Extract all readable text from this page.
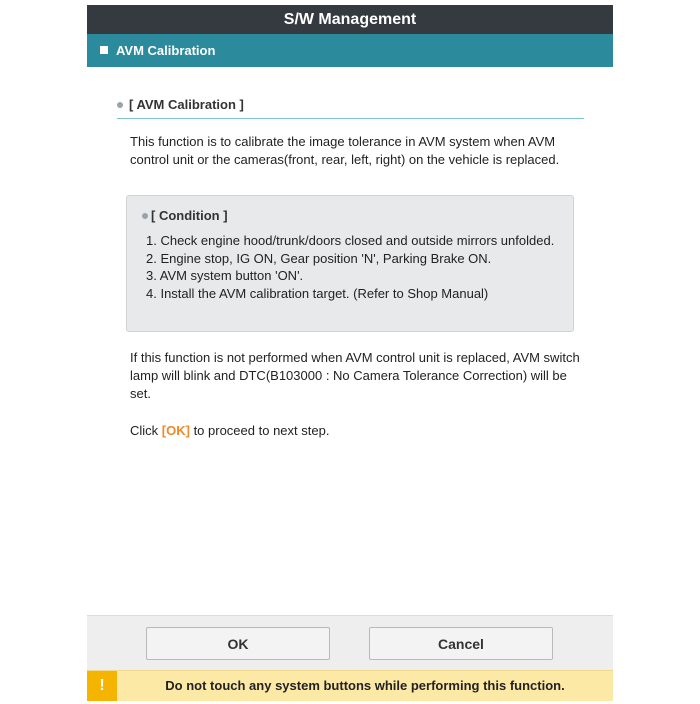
S/W Management
AVM Calibration
[ AVM Calibration ]
This function is to calibrate the image tolerance in AVM system when AVM control unit or the cameras(front, rear, left, right) on the vehicle is replaced.
[ Condition ]
1. Check engine hood/trunk/doors closed and outside mirrors unfolded.
2. Engine stop, IG ON, Gear position 'N', Parking Brake ON.
3. AVM system button 'ON'.
4. Install the AVM calibration target. (Refer to Shop Manual)
If this function is not performed when AVM control unit is replaced, AVM switch lamp will blink and DTC(B103000 : No Camera Tolerance Correction) will be set.
Click [OK] to proceed to next step.
OK	Cancel
!	Do not touch any system buttons while performing this function.
